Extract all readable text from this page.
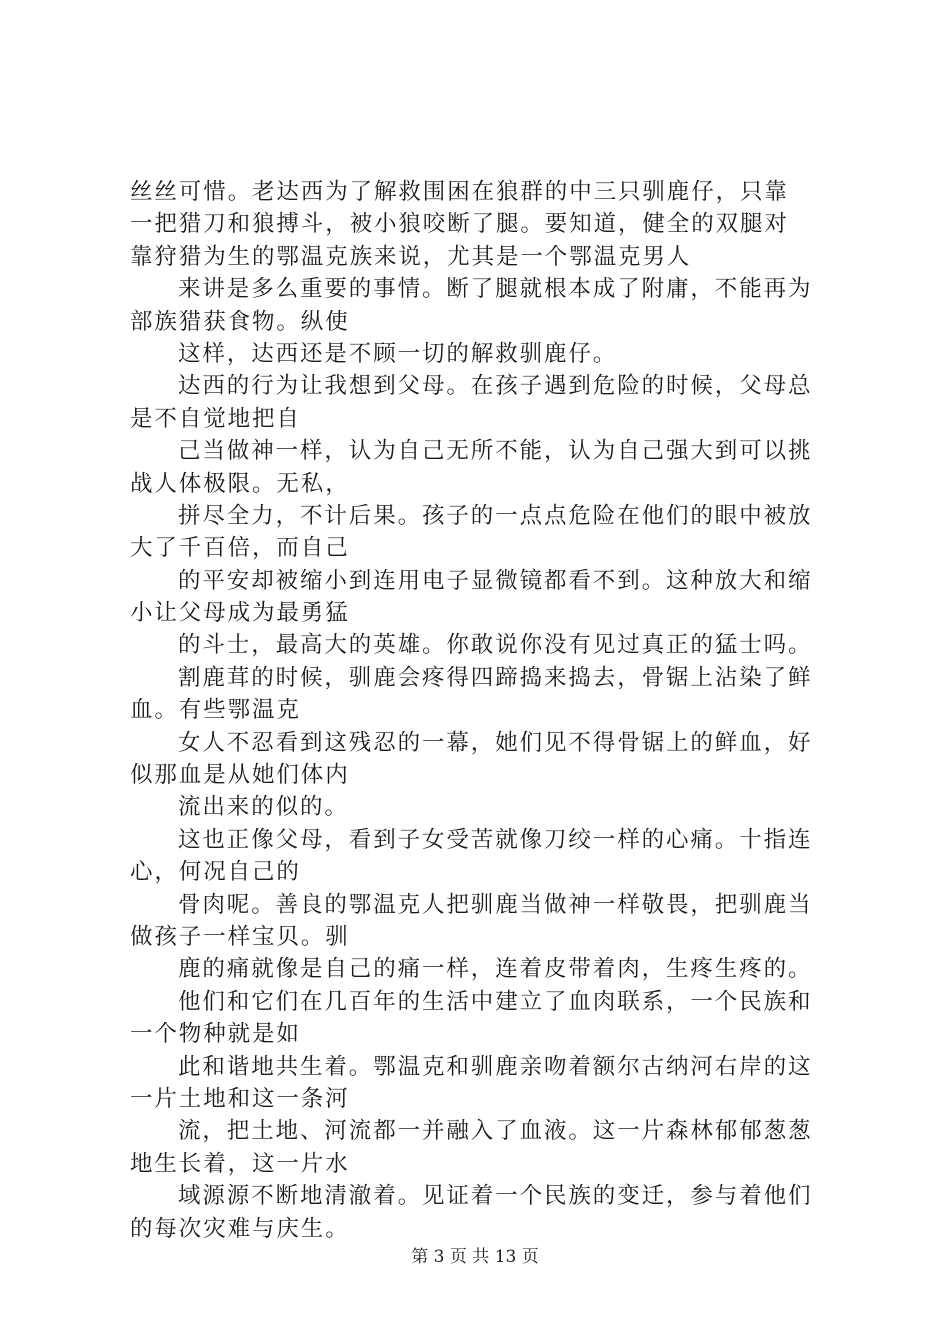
丝丝可惜。老达西为了解救围困在狼群的中三只驯鹿仔，只靠
一把猎刀和狼搏斗，被小狼咬断了腿。要知道，健全的双腿对
靠狩猎为生的鄂温克族来说，尤其是一个鄂温克男人
来讲是多么重要的事情。断了腿就根本成了附庸，不能再为
部族猎获食物。纵使
这样，达西还是不顾一切的解救驯鹿仔。
达西的行为让我想到父母。在孩子遇到危险的时候，父母总
是不自觉地把自
己当做神一样，认为自己无所不能，认为自己强大到可以挑
战人体极限。无私，
拼尽全力，不计后果。孩子的一点点危险在他们的眼中被放
大了千百倍，而自己
的平安却被缩小到连用电子显微镜都看不到。这种放大和缩
小让父母成为最勇猛
的斗士，最高大的英雄。你敢说你没有见过真正的猛士吗。
割鹿茸的时候，驯鹿会疼得四蹄捣来捣去，骨锯上沾染了鲜
血。有些鄂温克
女人不忍看到这残忍的一幕，她们见不得骨锯上的鲜血，好
似那血是从她们体内
流出来的似的。
这也正像父母，看到子女受苦就像刀绞一样的心痛。十指连
心，何况自己的
骨肉呢。善良的鄂温克人把驯鹿当做神一样敬畏，把驯鹿当
做孩子一样宝贝。驯
鹿的痛就像是自己的痛一样，连着皮带着肉，生疼生疼的。
他们和它们在几百年的生活中建立了血肉联系，一个民族和
一个物种就是如
此和谐地共生着。鄂温克和驯鹿亲吻着额尔古纳河右岸的这
一片土地和这一条河
流，把土地、河流都一并融入了血液。这一片森林郁郁葱葱
地生长着，这一片水
域源源不断地清澈着。见证着一个民族的变迁，参与着他们
的每次灾难与庆生。
第 3 页 共 13 页
